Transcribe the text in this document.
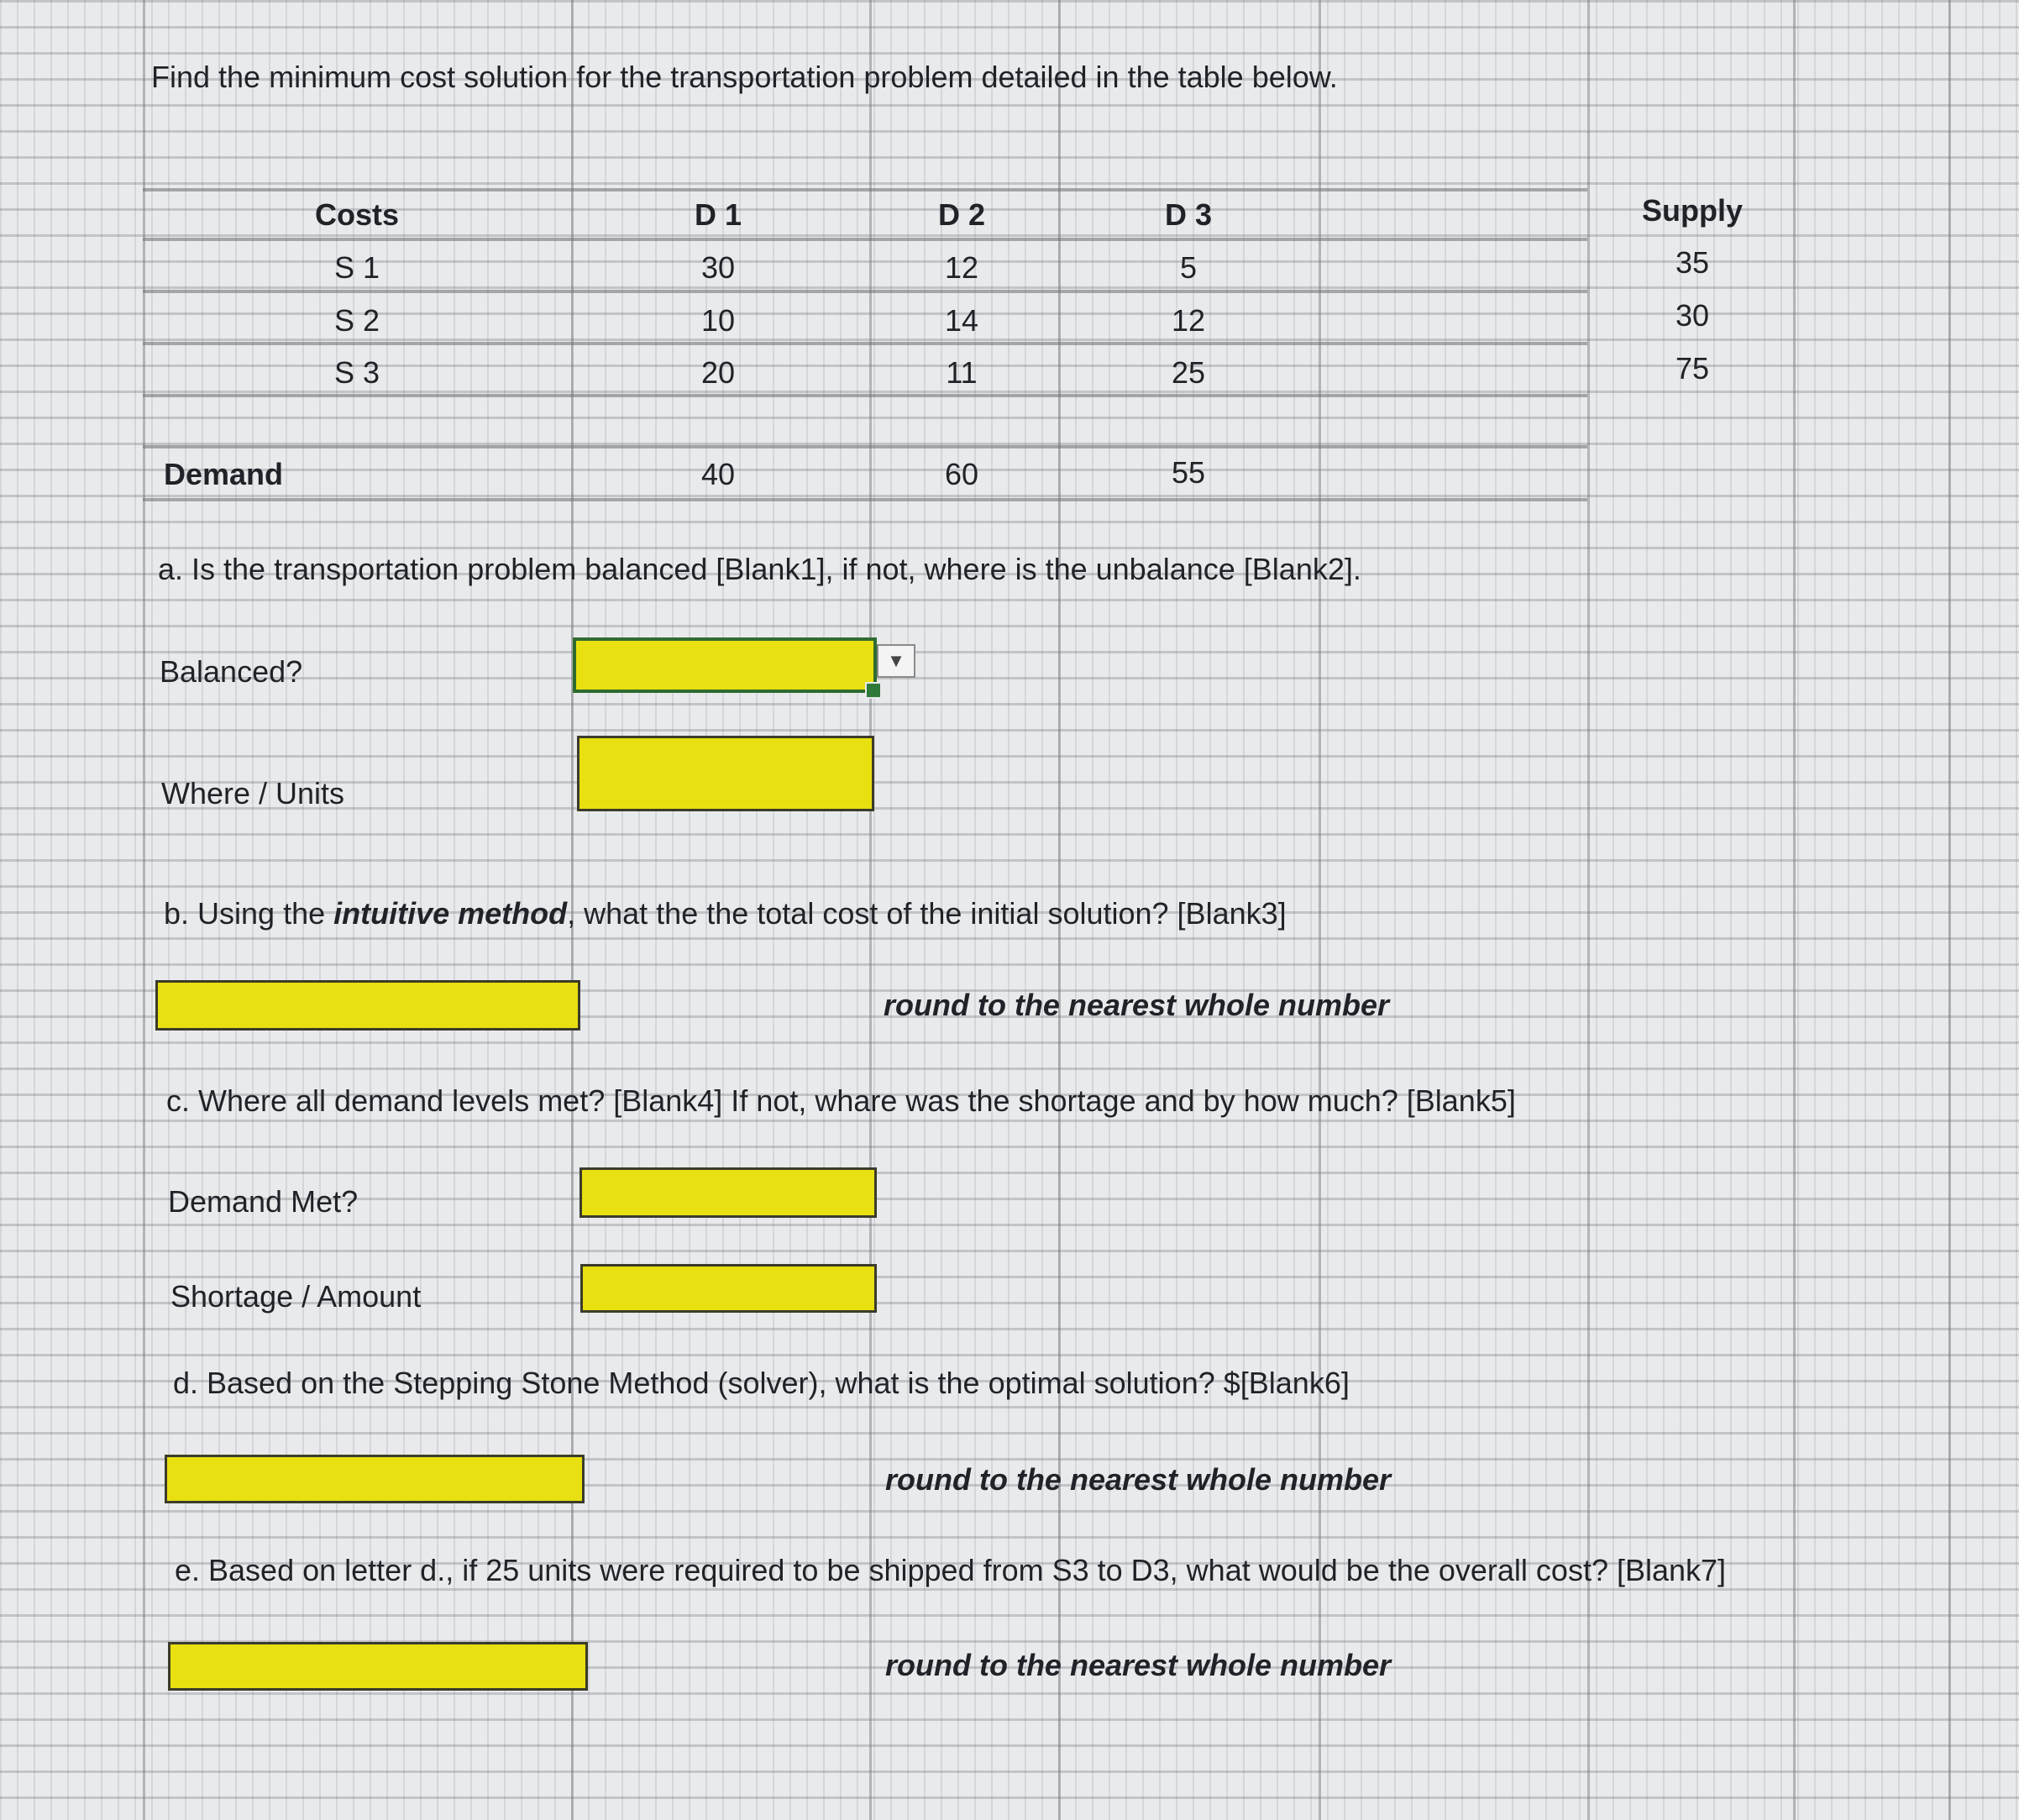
Find the minimum cost solution for the transportation problem detailed in the table below.
Costs	D 1	D 2	D 3	Supply
S 1	30	12	5	35
S 2	10	14	12	30
S 3	20	11	25	75
Demand	40	60	55
a. Is the transportation problem balanced [Blank1], if not, where is the unbalance [Blank2].
Balanced?	▼
Where / Units
b. Using the intuitive method, what the the total cost of the initial solution? [Blank3]
round to the nearest whole number
c. Where all demand levels met? [Blank4] If not, whare was the shortage and by how much? [Blank5]
Demand Met?
Shortage / Amount
d. Based on the Stepping Stone Method (solver), what is the optimal solution? $[Blank6]
round to the nearest whole number
e. Based on letter d., if 25 units were required to be shipped from S3 to D3, what would be the overall cost? [Blank7]
round to the nearest whole number
